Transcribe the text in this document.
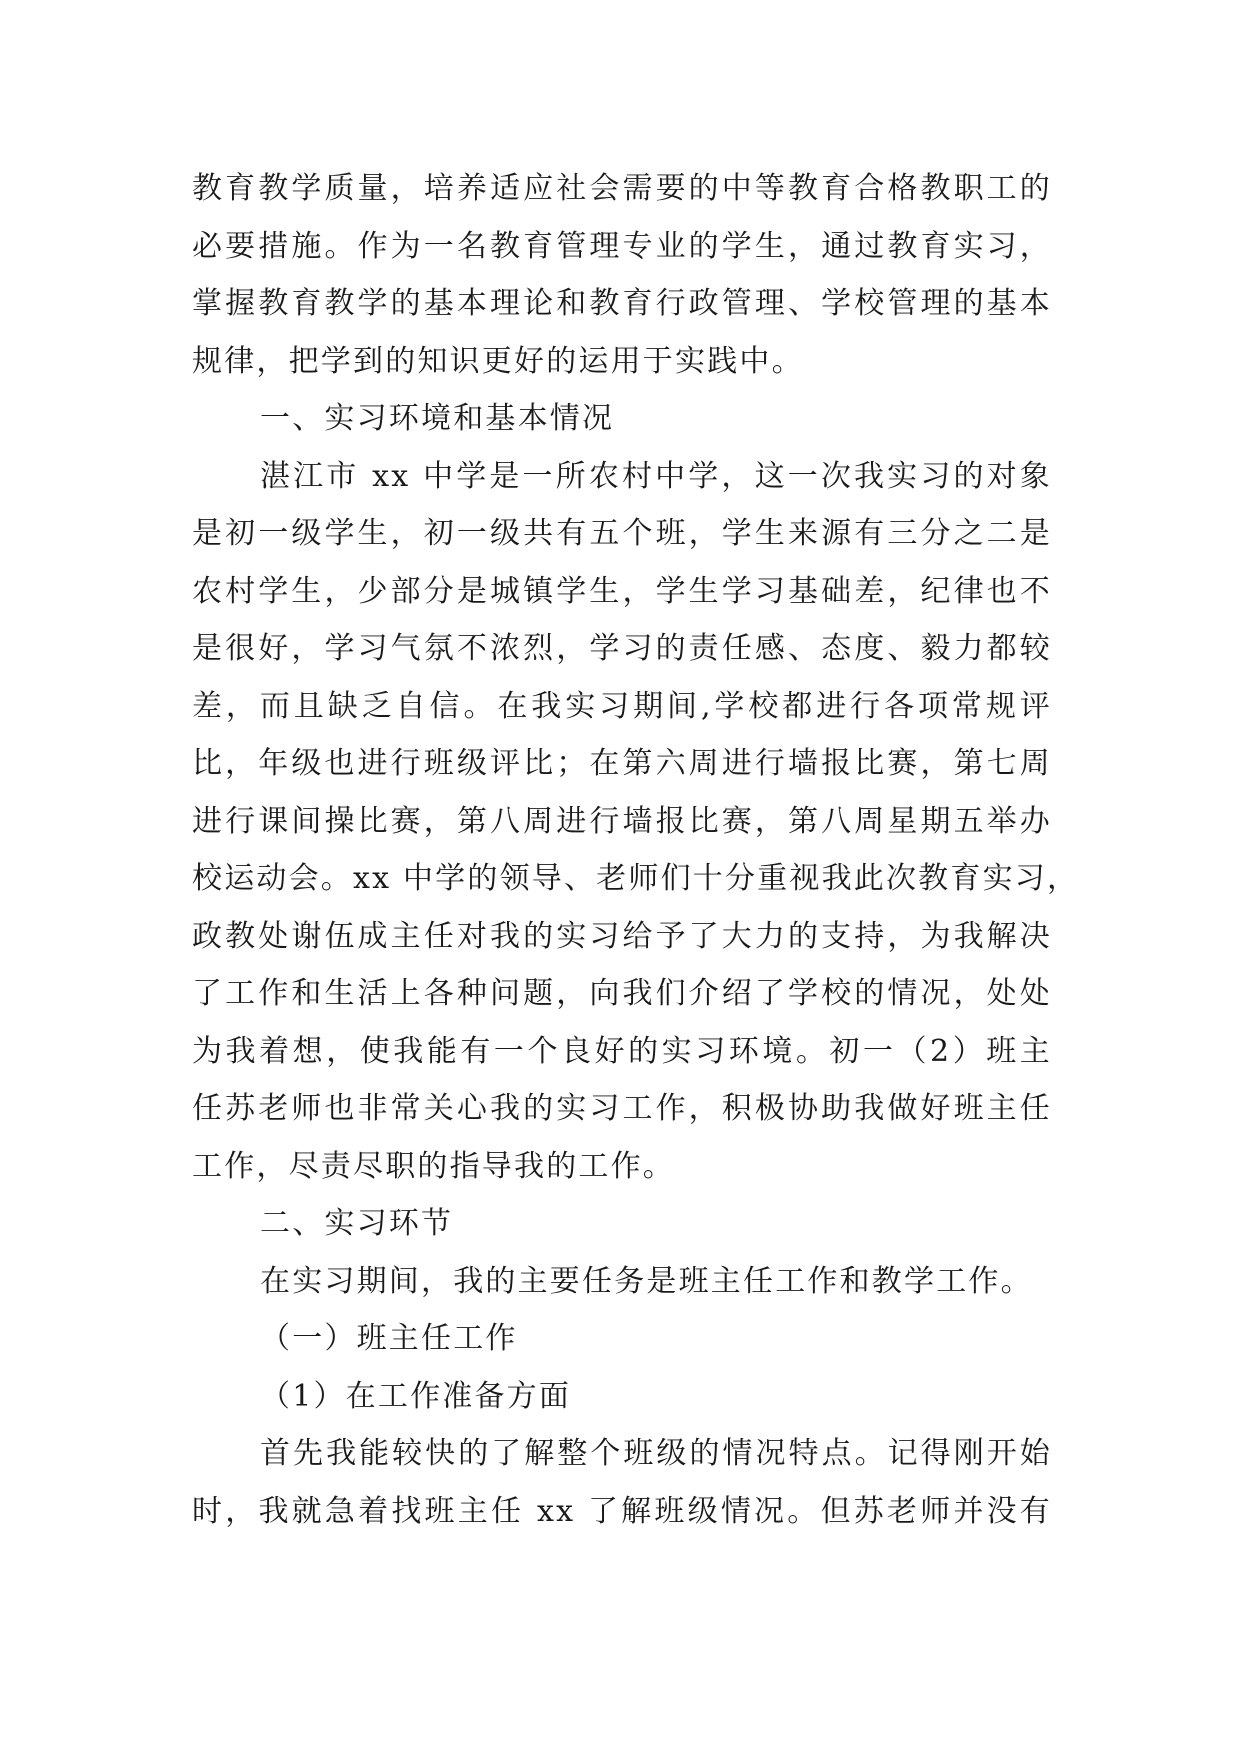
教育教学质量，培养适应社会需要的中等教育合格教职工的
必要措施。作为一名教育管理专业的学生，通过教育实习，
掌握教育教学的基本理论和教育行政管理、学校管理的基本
规律，把学到的知识更好的运用于实践中。
一、实习环境和基本情况
湛江市 xx 中学是一所农村中学，这一次我实习的对象
是初一级学生，初一级共有五个班，学生来源有三分之二是
农村学生，少部分是城镇学生，学生学习基础差，纪律也不
是很好，学习气氛不浓烈，学习的责任感、态度、毅力都较
差，而且缺乏自信。在我实习期间,学校都进行各项常规评
比，年级也进行班级评比；在第六周进行墙报比赛，第七周
进行课间操比赛，第八周进行墙报比赛，第八周星期五举办
校运动会。xx 中学的领导、老师们十分重视我此次教育实习，
政教处谢伍成主任对我的实习给予了大力的支持，为我解决
了工作和生活上各种问题，向我们介绍了学校的情况，处处
为我着想，使我能有一个良好的实习环境。初一（2）班主
任苏老师也非常关心我的实习工作，积极协助我做好班主任
工作，尽责尽职的指导我的工作。
二、实习环节
在实习期间，我的主要任务是班主任工作和教学工作。
（一）班主任工作
（1）在工作准备方面
首先我能较快的了解整个班级的情况特点。记得刚开始
时，我就急着找班主任 xx 了解班级情况。但苏老师并没有
